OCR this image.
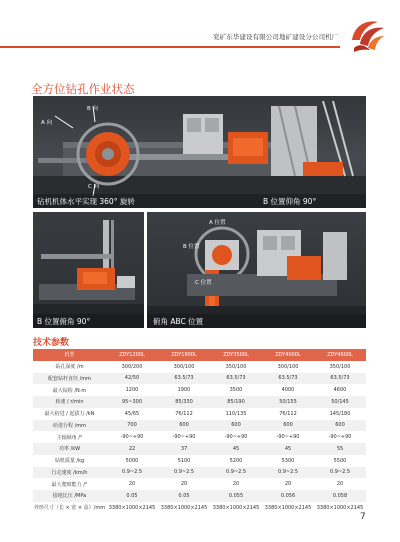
兖矿东华建设有限公司地矿建设分公司机厂
全方位钻孔作业状态
A 向
B 向
C 向
钻机机体水平实现 360° 旋转	B 位置仰角 90°
B 位置俯角 90°
A 位置
B 位置
C 位置
俯角 ABC 位置
技术参数
机型	ZDY1200L	ZDY1900L	ZDY3500L	ZDY4000L	ZDY4600L
钻孔深度 /m	300/200	300/100	350/100	300/100	350/100
配套钻杆直径 /mm	42/50	63.5/73	63.5/73	63.5/73	63.5/73
最大钻程 /N·m	1200	1900	3500	4000	4600
转速 / r/min	95~300	85/330	85/190	50/155	50/145
最大给进 / 起拔力 /kN	45/65	76/112	110/135	76/112	145/180
给进行程 /mm	700	600	600	600	600
主轴倾角 /°	-90~+90	-90~+90	-90~+90	-90~+90	-90~+90
功率 /kW	22	37	45	45	55
钻机质量 /kg	5000	5100	5200	5300	5500
行走速度 /km/h	0.9~2.5	0.9~2.5	0.9~2.5	0.9~2.5	0.9~2.5
最大爬坡能力 /°	20	20	20	20	20
接地比压 /MPa	0.05	0.05	0.055	0.056	0.058
外形尺寸（长 × 宽 × 高）/mm	3380×1000×2145	3380×1000×2145	3380×1000×2145	3380×1000×2145	3380×1000×2145
7
